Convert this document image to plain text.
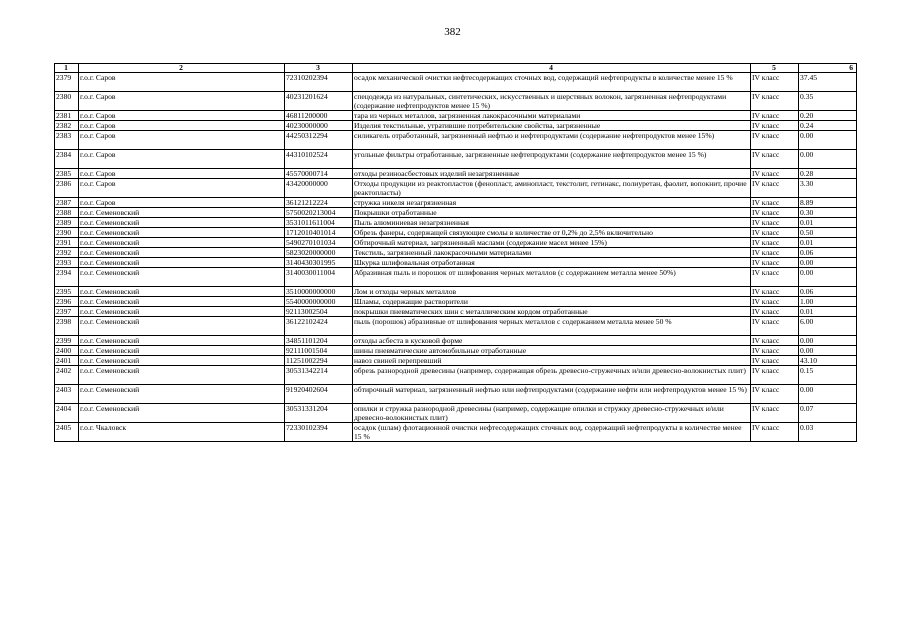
382
1	2	3	4	5	6
2379	г.о.г. Саров	72310202394	осадок механической очистки нефтесодержащих сточных вод, содержащий нефтепродукты в количестве менее 15 %	IV класс	37.45
2380	г.о.г. Саров	40231201624	спецодежда из натуральных, синтетических, искусственных и шерстяных волокон, загрязненная нефтепродуктами (содержание нефтепродуктов менее 15 %)	IV класс	0.35
2381	г.о.г. Саров	46811200000	тара из черных металлов, загрязненная лакокрасочными материалами	IV класс	0.20
2382	г.о.г. Саров	40230000000	Изделия текстильные, утратившие потребительские свойства, загрязненные	IV класс	0.24
2383	г.о.г. Саров	44250312294	силикагель отработанный, загрязненный нефтью и нефтепродуктами (содержание нефтепродуктов менее 15%)	IV класс	0.00
2384	г.о.г. Саров	44310102524	угольные фильтры отработанные, загрязненные нефтепродуктами (содержание нефтепродуктов менее 15 %)	IV класс	0.00
2385	г.о.г. Саров	45570000714	отходы резиноасбестовых изделий незагрязненные	IV класс	0.28
2386	г.о.г. Саров	43420000000	Отходы продукции из реактопластов (фенопласт, аминопласт, текстолит, гетинакс, полиуретан, фаолит, вопокнит, прочие реактопласты)	IV класс	3.30
2387	г.о.г. Саров	36121212224	стружка никеля незагрязненная	IV класс	8.89
2388	г.о.г. Семеновский	5750020213004	Покрышки отработанные	IV класс	0.30
2389	г.о.г. Семеновский	3531011611004	Пыль алюминиевая незагрязненная	IV класс	0.01
2390	г.о.г. Семеновский	1712010401014	Обрезь фанеры, содержащей связующие смолы в количестве от 0,2% до 2,5% включительно	IV класс	0.50
2391	г.о.г. Семеновский	5490270101034	Обтирочный материал, загрязненный маслами (содержание масел менее 15%)	IV класс	0.01
2392	г.о.г. Семеновский	5823020000000	Текстиль, загрязненный лакокрасочными материалами	IV класс	0.06
2393	г.о.г. Семеновский	3140430301995	Шкурка шлифовальная отработанная	IV класс	0.00
2394	г.о.г. Семеновский	3140030011004	Абразивная пыль и порошок от шлифования черных металлов (с содержанием металла менее 50%)	IV класс	0.00
2395	г.о.г. Семеновский	3510000000000	Лом и отходы черных металлов	IV класс	0.06
2396	г.о.г. Семеновский	5540000000000	Шламы, содержащие растворители	IV класс	1.00
2397	г.о.г. Семеновский	92113002504	покрышки пневматических шин с металлическим кордом отработанные	IV класс	0.01
2398	г.о.г. Семеновский	36122102424	пыль (порошок) абразивные от шлифования черных металлов с содержанием металла менее 50 %	IV класс	6.00
2399	г.о.г. Семеновский	34851101204	отходы асбеста в кусковой форме	IV класс	0.00
2400	г.о.г. Семеновский	92111001504	шины пневматические автомобильные отработанные	IV класс	0.00
2401	г.о.г. Семеновский	11251002294	навоз свиней перепревший	IV класс	43.10
2402	г.о.г. Семеновский	30531342214	обрезь разнородной древесины (например, содержащая обрезь древесно-стружечных и/или древесно-волокнистых плит)	IV класс	0.15
2403	г.о.г. Семеновский	91920402604	обтирочный материал, загрязненный нефтью или нефтепродуктами (содержание нефти или нефтепродуктов менее 15 %)	IV класс	0.00
2404	г.о.г. Семеновский	30531331204	опилки и стружка разнородной древесины (например, содержащие опилки и стружку древесно-стружечных и/или древесно-волокнистых плит)	IV класс	0.07
2405	г.о.г. Чкаловск	72330102394	осадок (шлам) флотационной очистки нефтесодержащих сточных вод, содержащий нефтепродукты в количестве менее 15 %	IV класс	0.03
